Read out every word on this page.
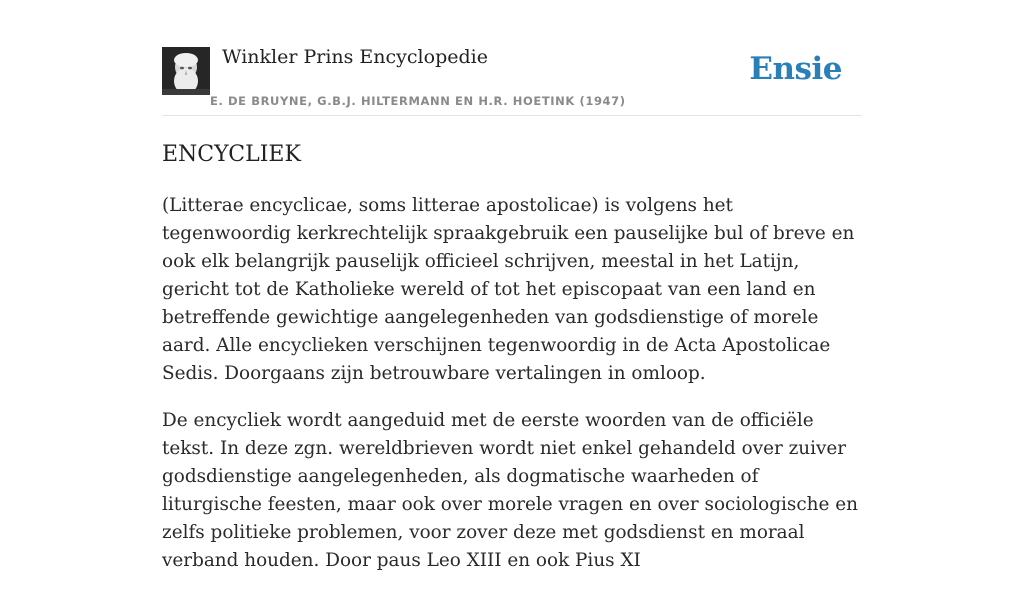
Winkler Prins Encyclopedie
E. DE BRUYNE, G.B.J. HILTERMANN EN H.R. HOETINK (1947)
Ensie
ENCYCLIEK

(Litterae encyclicae, soms litterae apostolicae) is volgens het tegenwoordig kerkrechtelijk spraakgebruik een pauselijke bul of breve en ook elk belangrijk pauselijk officieel schrijven, meestal in het Latijn, gericht tot de Katholieke wereld of tot het episcopaat van een land en betreffende gewichtige aangelegenheden van godsdienstige of morele aard. Alle encyclieken verschijnen tegenwoordig in de Acta Apostolicae Sedis. Doorgaans zijn betrouwbare vertalingen in omloop.

De encycliek wordt aangeduid met de eerste woorden van de officiële tekst. In deze zgn. wereldbrieven wordt niet enkel gehandeld over zuiver godsdienstige aangelegenheden, als dogmatische waarheden of liturgische feesten, maar ook over morele vragen en over sociologische en zelfs politieke problemen, voor zover deze met godsdienst en moraal verband houden. Door paus Leo XIII en ook Pius XI
